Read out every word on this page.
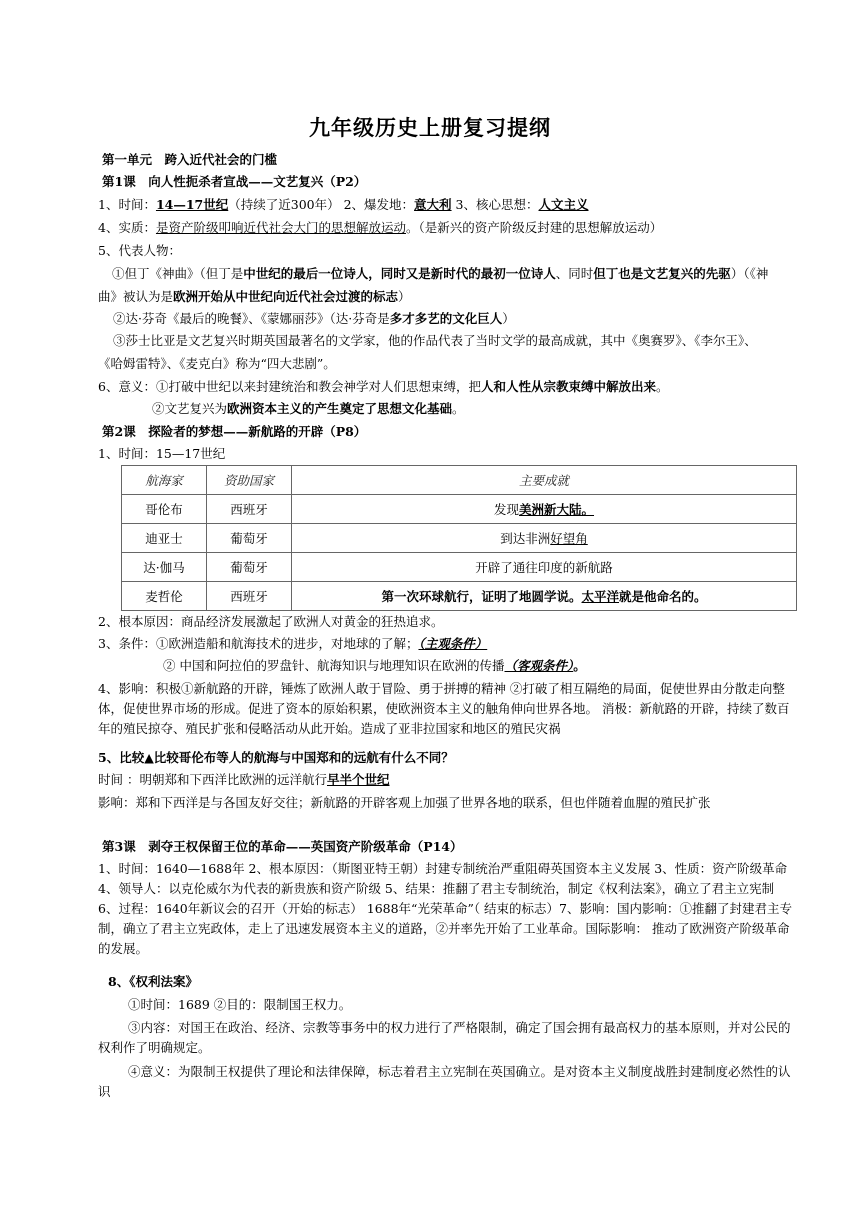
九年级历史上册复习提纲
第一单元　跨入近代社会的门槛
第1课　向人性扼杀者宣战——文艺复兴（P2）
1、时间：14—17世纪（持续了近300年） 2、爆发地：意大利 3、核心思想：人文主义
4、实质：是资产阶级叩响近代社会大门的思想解放运动。（是新兴的资产阶级反封建的思想解放运动）
5、代表人物：
①但丁《神曲》（但丁是中世纪的最后一位诗人，同时又是新时代的最初一位诗人、同时但丁也是文艺复兴的先驱）（《神
曲》被认为是欧洲开始从中世纪向近代社会过渡的标志）
②达·芬奇《最后的晚餐》、《蒙娜丽莎》（达·芬奇是多才多艺的文化巨人）
③莎士比亚是文艺复兴时期英国最著名的文学家，他的作品代表了当时文学的最高成就，其中《奥赛罗》、《李尔王》、
《哈姆雷特》、《麦克白》称为“四大悲剧”。
6、意义：①打破中世纪以来封建统治和教会神学对人们思想束缚，把人和人性从宗教束缚中解放出来。
②文艺复兴为欧洲资本主义的产生奠定了思想文化基础。
第2课　探险者的梦想——新航路的开辟（P8）
1、时间：15—17世纪
航海家	资助国家	主要成就
哥伦布	西班牙	发现美洲新大陆。
迪亚士	葡萄牙	到达非洲好望角
达·伽马	葡萄牙	开辟了通往印度的新航路
麦哲伦	西班牙	第一次环球航行，证明了地圆学说。太平洋就是他命名的。
2、根本原因：商品经济发展激起了欧洲人对黄金的狂热追求。
3、条件：①欧洲造船和航海技术的进步，对地球的了解；（主观条件）
② 中国和阿拉伯的罗盘针、航海知识与地理知识在欧洲的传播（客观条件）。
4、影响：积极①新航路的开辟，锤炼了欧洲人敢于冒险、勇于拼搏的精神 ②打破了相互隔绝的局面，促使世界由分散走向整体，促使世界市场的形成。促进了资本的原始积累，使欧洲资本主义的触角伸向世界各地。 消极：新航路的开辟，持续了数百年的殖民掠夺、殖民扩张和侵略活动从此开始。造成了亚非拉国家和地区的殖民灾祸
5、比较▲比较哥伦布等人的航海与中国郑和的远航有什么不同？
时间 ：明朝郑和下西洋比欧洲的远洋航行早半个世纪
影响：郑和下西洋是与各国友好交往；新航路的开辟客观上加强了世界各地的联系，但也伴随着血腥的殖民扩张
第3课　剥夺王权保留王位的革命——英国资产阶级革命（P14）
1、时间：1640—1688年 2、根本原因：（斯图亚特王朝）封建专制统治严重阻碍英国资本主义发展 3、性质：资产阶级革命 4、领导人：以克伦威尔为代表的新贵族和资产阶级 5、结果：推翻了君主专制统治，制定《权利法案》，确立了君主立宪制 6、过程：1640年新议会的召开（开始的标志） 1688年“光荣革命”（ 结束的标志）7、影响：国内影响：①推翻了封建君主专制，确立了君主立宪政体，走上了迅速发展资本主义的道路，②并率先开始了工业革命。国际影响： 推动了欧洲资产阶级革命的发展。
8、《权利法案》
①时间：1689 ②目的：限制国王权力。
③内容：对国王在政治、经济、宗教等事务中的权力进行了严格限制，确定了国会拥有最高权力的基本原则，并对公民的权利作了明确规定。
④意义：为限制王权提供了理论和法律保障，标志着君主立宪制在英国确立。是对资本主义制度战胜封建制度必然性的认识
